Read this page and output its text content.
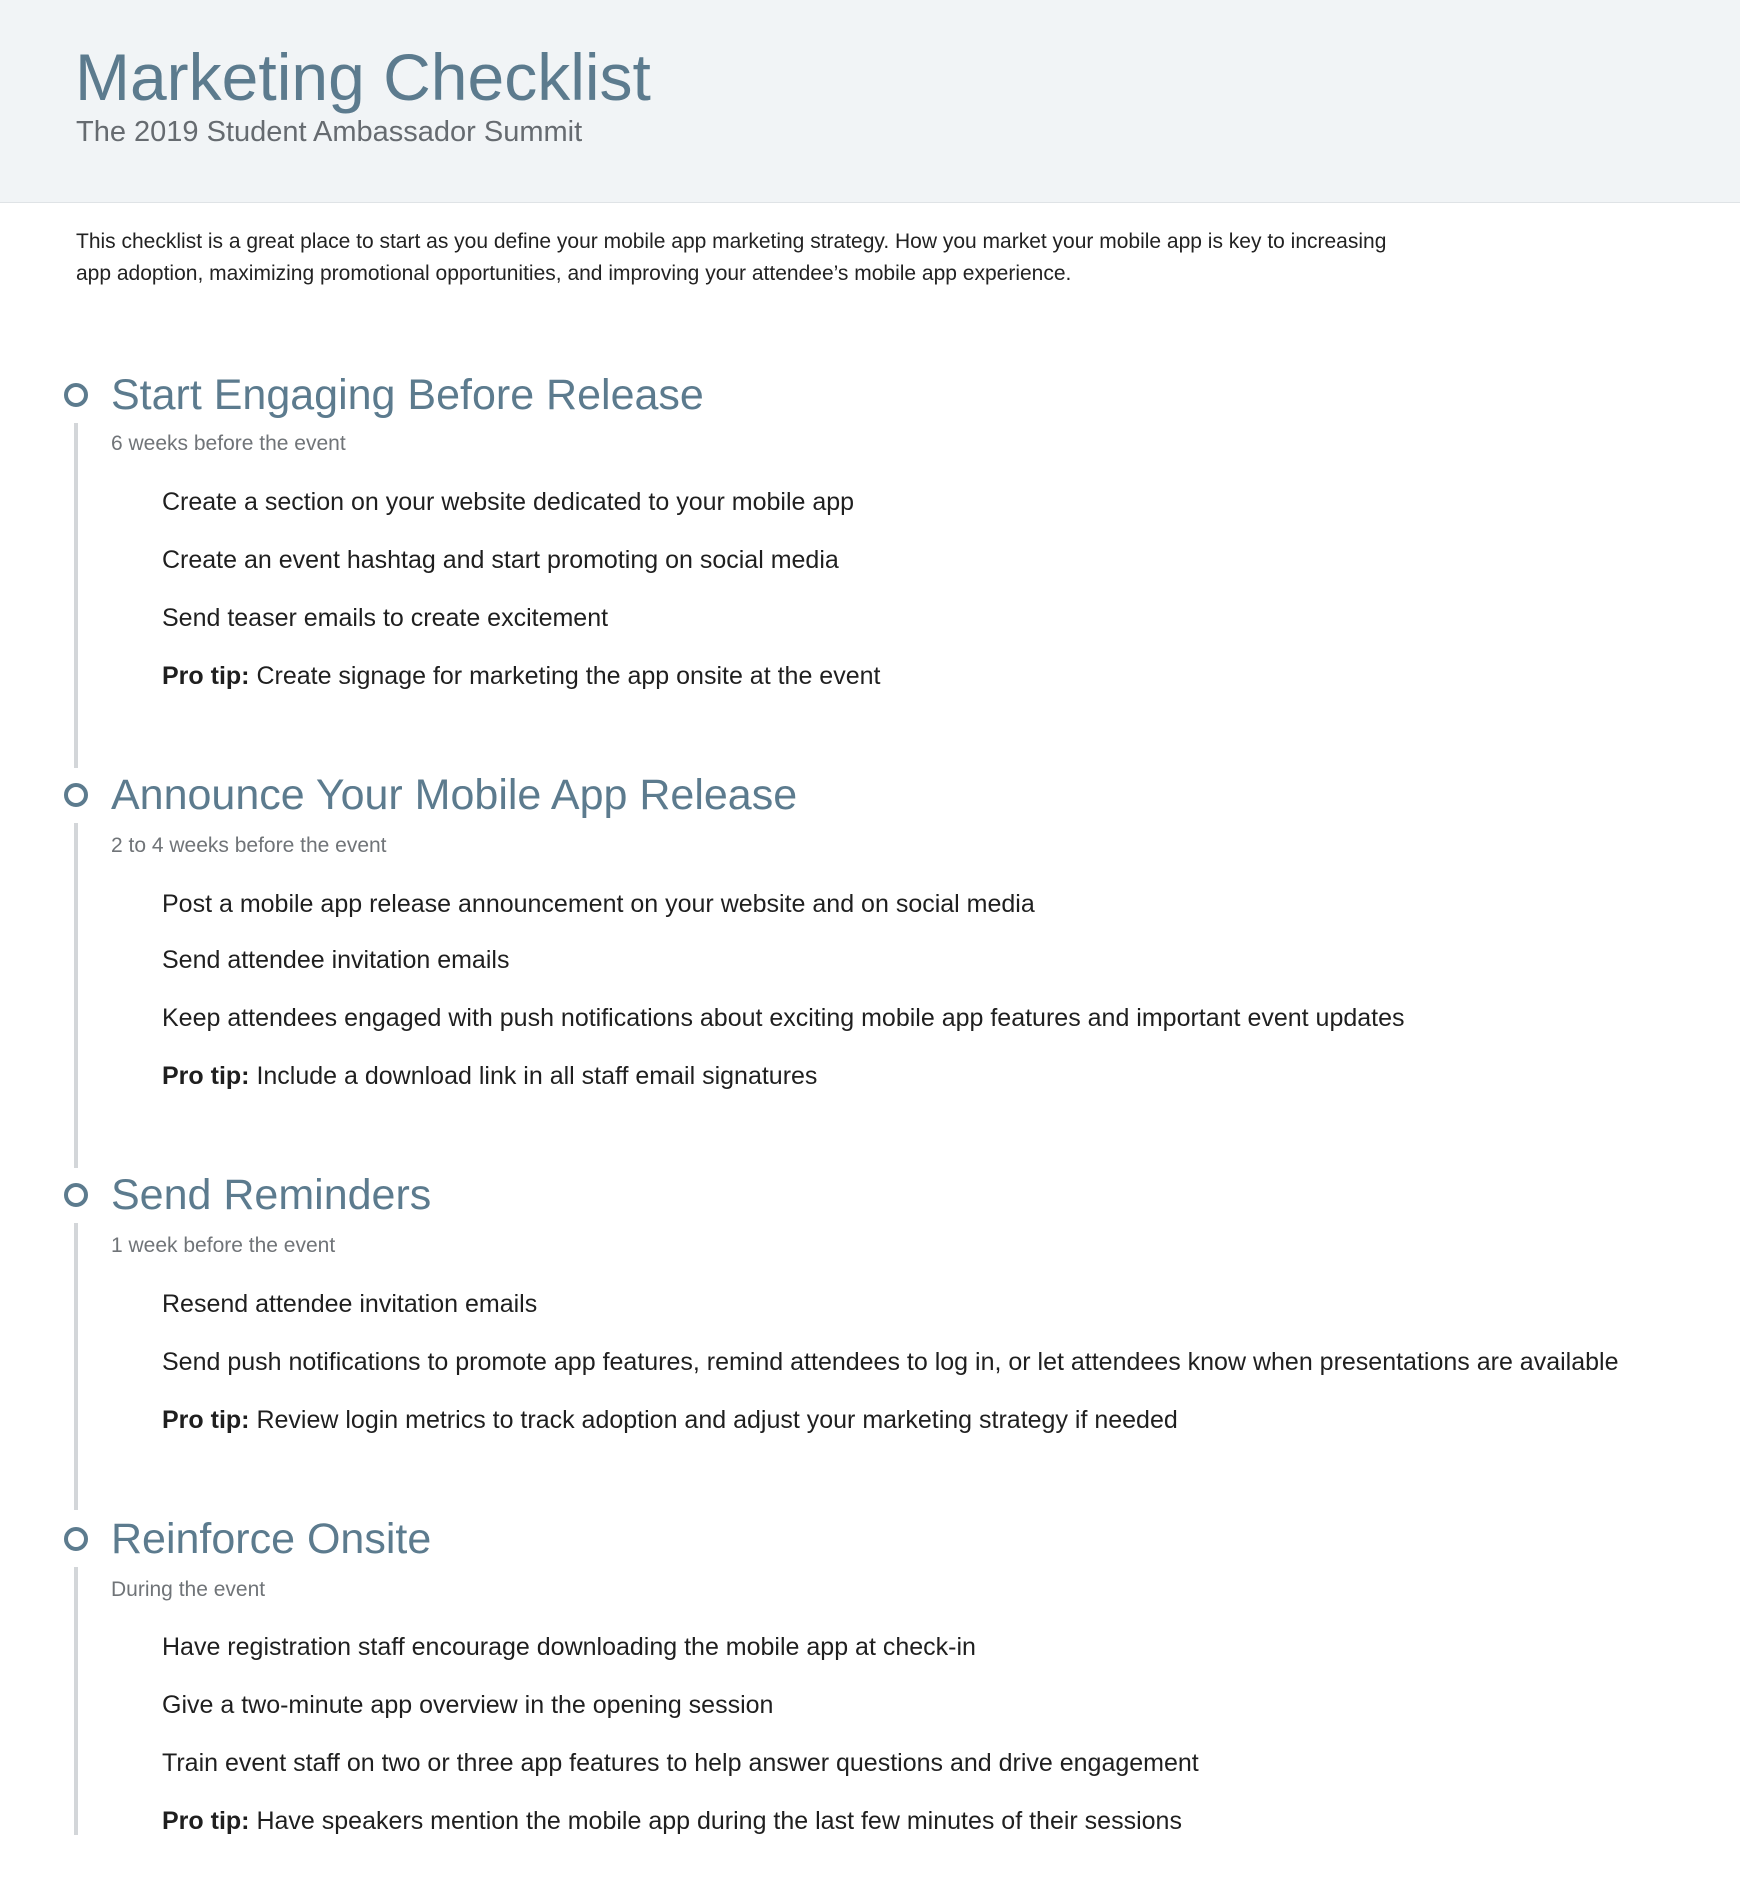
Marketing Checklist
The 2019 Student Ambassador Summit

This checklist is a great place to start as you define your mobile app marketing strategy. How you market your mobile app is key to increasing app adoption, maximizing promotional opportunities, and improving your attendee’s mobile app experience.

Start Engaging Before Release
6 weeks before the event
Create a section on your website dedicated to your mobile app
Create an event hashtag and start promoting on social media
Send teaser emails to create excitement
Pro tip: Create signage for marketing the app onsite at the event
Announce Your Mobile App Release
2 to 4 weeks before the event
Post a mobile app release announcement on your website and on social media
Send attendee invitation emails
Keep attendees engaged with push notifications about exciting mobile app features and important event updates
Pro tip: Include a download link in all staff email signatures
Send Reminders
1 week before the event
Resend attendee invitation emails
Send push notifications to promote app features, remind attendees to log in, or let attendees know when presentations are available
Pro tip: Review login metrics to track adoption and adjust your marketing strategy if needed
Reinforce Onsite
During the event
Have registration staff encourage downloading the mobile app at check-in
Give a two-minute app overview in the opening session
Train event staff on two or three app features to help answer questions and drive engagement
Pro tip: Have speakers mention the mobile app during the last few minutes of their sessions
